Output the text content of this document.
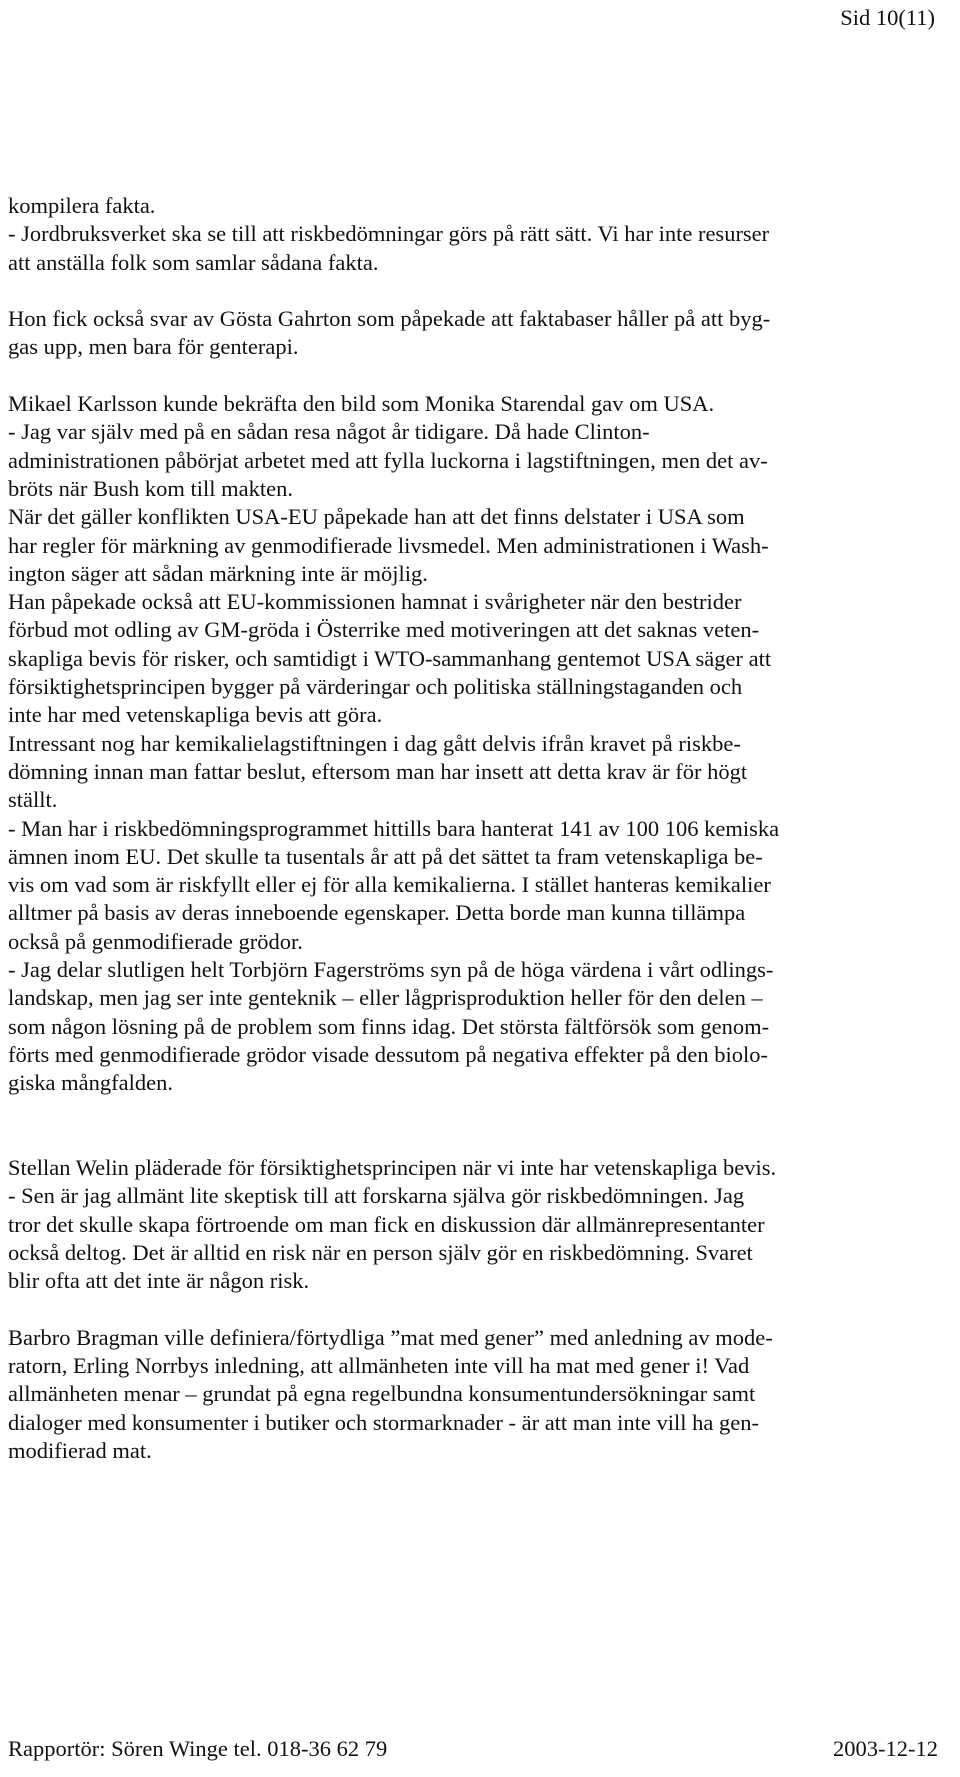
Sid 10(11)
kompilera fakta.
- Jordbruksverket ska se till att riskbedömningar görs på rätt sätt. Vi har inte resurser
att anställa folk som samlar sådana fakta.
Hon fick också svar av Gösta Gahrton som påpekade att faktabaser håller på att byg-
gas upp, men bara för genterapi.
Mikael Karlsson kunde bekräfta den bild som Monika Starendal gav om USA.
- Jag var själv med på en sådan resa något år tidigare. Då hade Clinton-
administrationen påbörjat arbetet med att fylla luckorna i lagstiftningen, men det av-
bröts när Bush kom till makten.
När det gäller konflikten USA-EU påpekade han att det finns delstater i USA som
har regler för märkning av genmodifierade livsmedel. Men administrationen i Wash-
ington säger att sådan märkning inte är möjlig.
Han påpekade också att EU-kommissionen hamnat i svårigheter när den bestrider
förbud mot odling av GM-gröda i Österrike med motiveringen att det saknas veten-
skapliga bevis för risker, och samtidigt i WTO-sammanhang gentemot USA säger att
försiktighetsprincipen bygger på värderingar och politiska ställningstaganden och
inte har med vetenskapliga bevis att göra.
Intressant nog har kemikalielagstiftningen i dag gått delvis ifrån kravet på riskbe-
dömning innan man fattar beslut, eftersom man har insett att detta krav är för högt
ställt.
- Man har i riskbedömningsprogrammet hittills bara hanterat 141 av 100 106 kemiska
ämnen inom EU. Det skulle ta tusentals år att på det sättet ta fram vetenskapliga be-
vis om vad som är riskfyllt eller ej för alla kemikalierna. I stället hanteras kemikalier
alltmer på basis av deras inneboende egenskaper. Detta borde man kunna tillämpa
också på genmodifierade grödor.
- Jag delar slutligen helt Torbjörn Fagerströms syn på de höga värdena i vårt odlings-
landskap, men jag ser inte genteknik – eller lågprisproduktion heller för den delen –
som någon lösning på de problem som finns idag. Det största fältförsök som genom-
förts med genmodifierade grödor visade dessutom på negativa effekter på den biolo-
giska mångfalden.
Stellan Welin pläderade för försiktighetsprincipen när vi inte har vetenskapliga bevis.
- Sen är jag allmänt lite skeptisk till att forskarna själva gör riskbedömningen. Jag
tror det skulle skapa förtroende om man fick en diskussion där allmänrepresentanter
också deltog. Det är alltid en risk när en person själv gör en riskbedömning. Svaret
blir ofta att det inte är någon risk.
Barbro Bragman ville definiera/förtydliga ”mat med gener” med anledning av mode-
ratorn, Erling Norrbys inledning, att allmänheten inte vill ha mat med gener i! Vad
allmänheten menar – grundat på egna regelbundna konsumentundersökningar samt
dialoger med konsumenter i butiker och stormarknader - är att man inte vill ha gen-
modifierad mat.
Rapportör: Sören Winge tel. 018-36 62 79	2003-12-12
